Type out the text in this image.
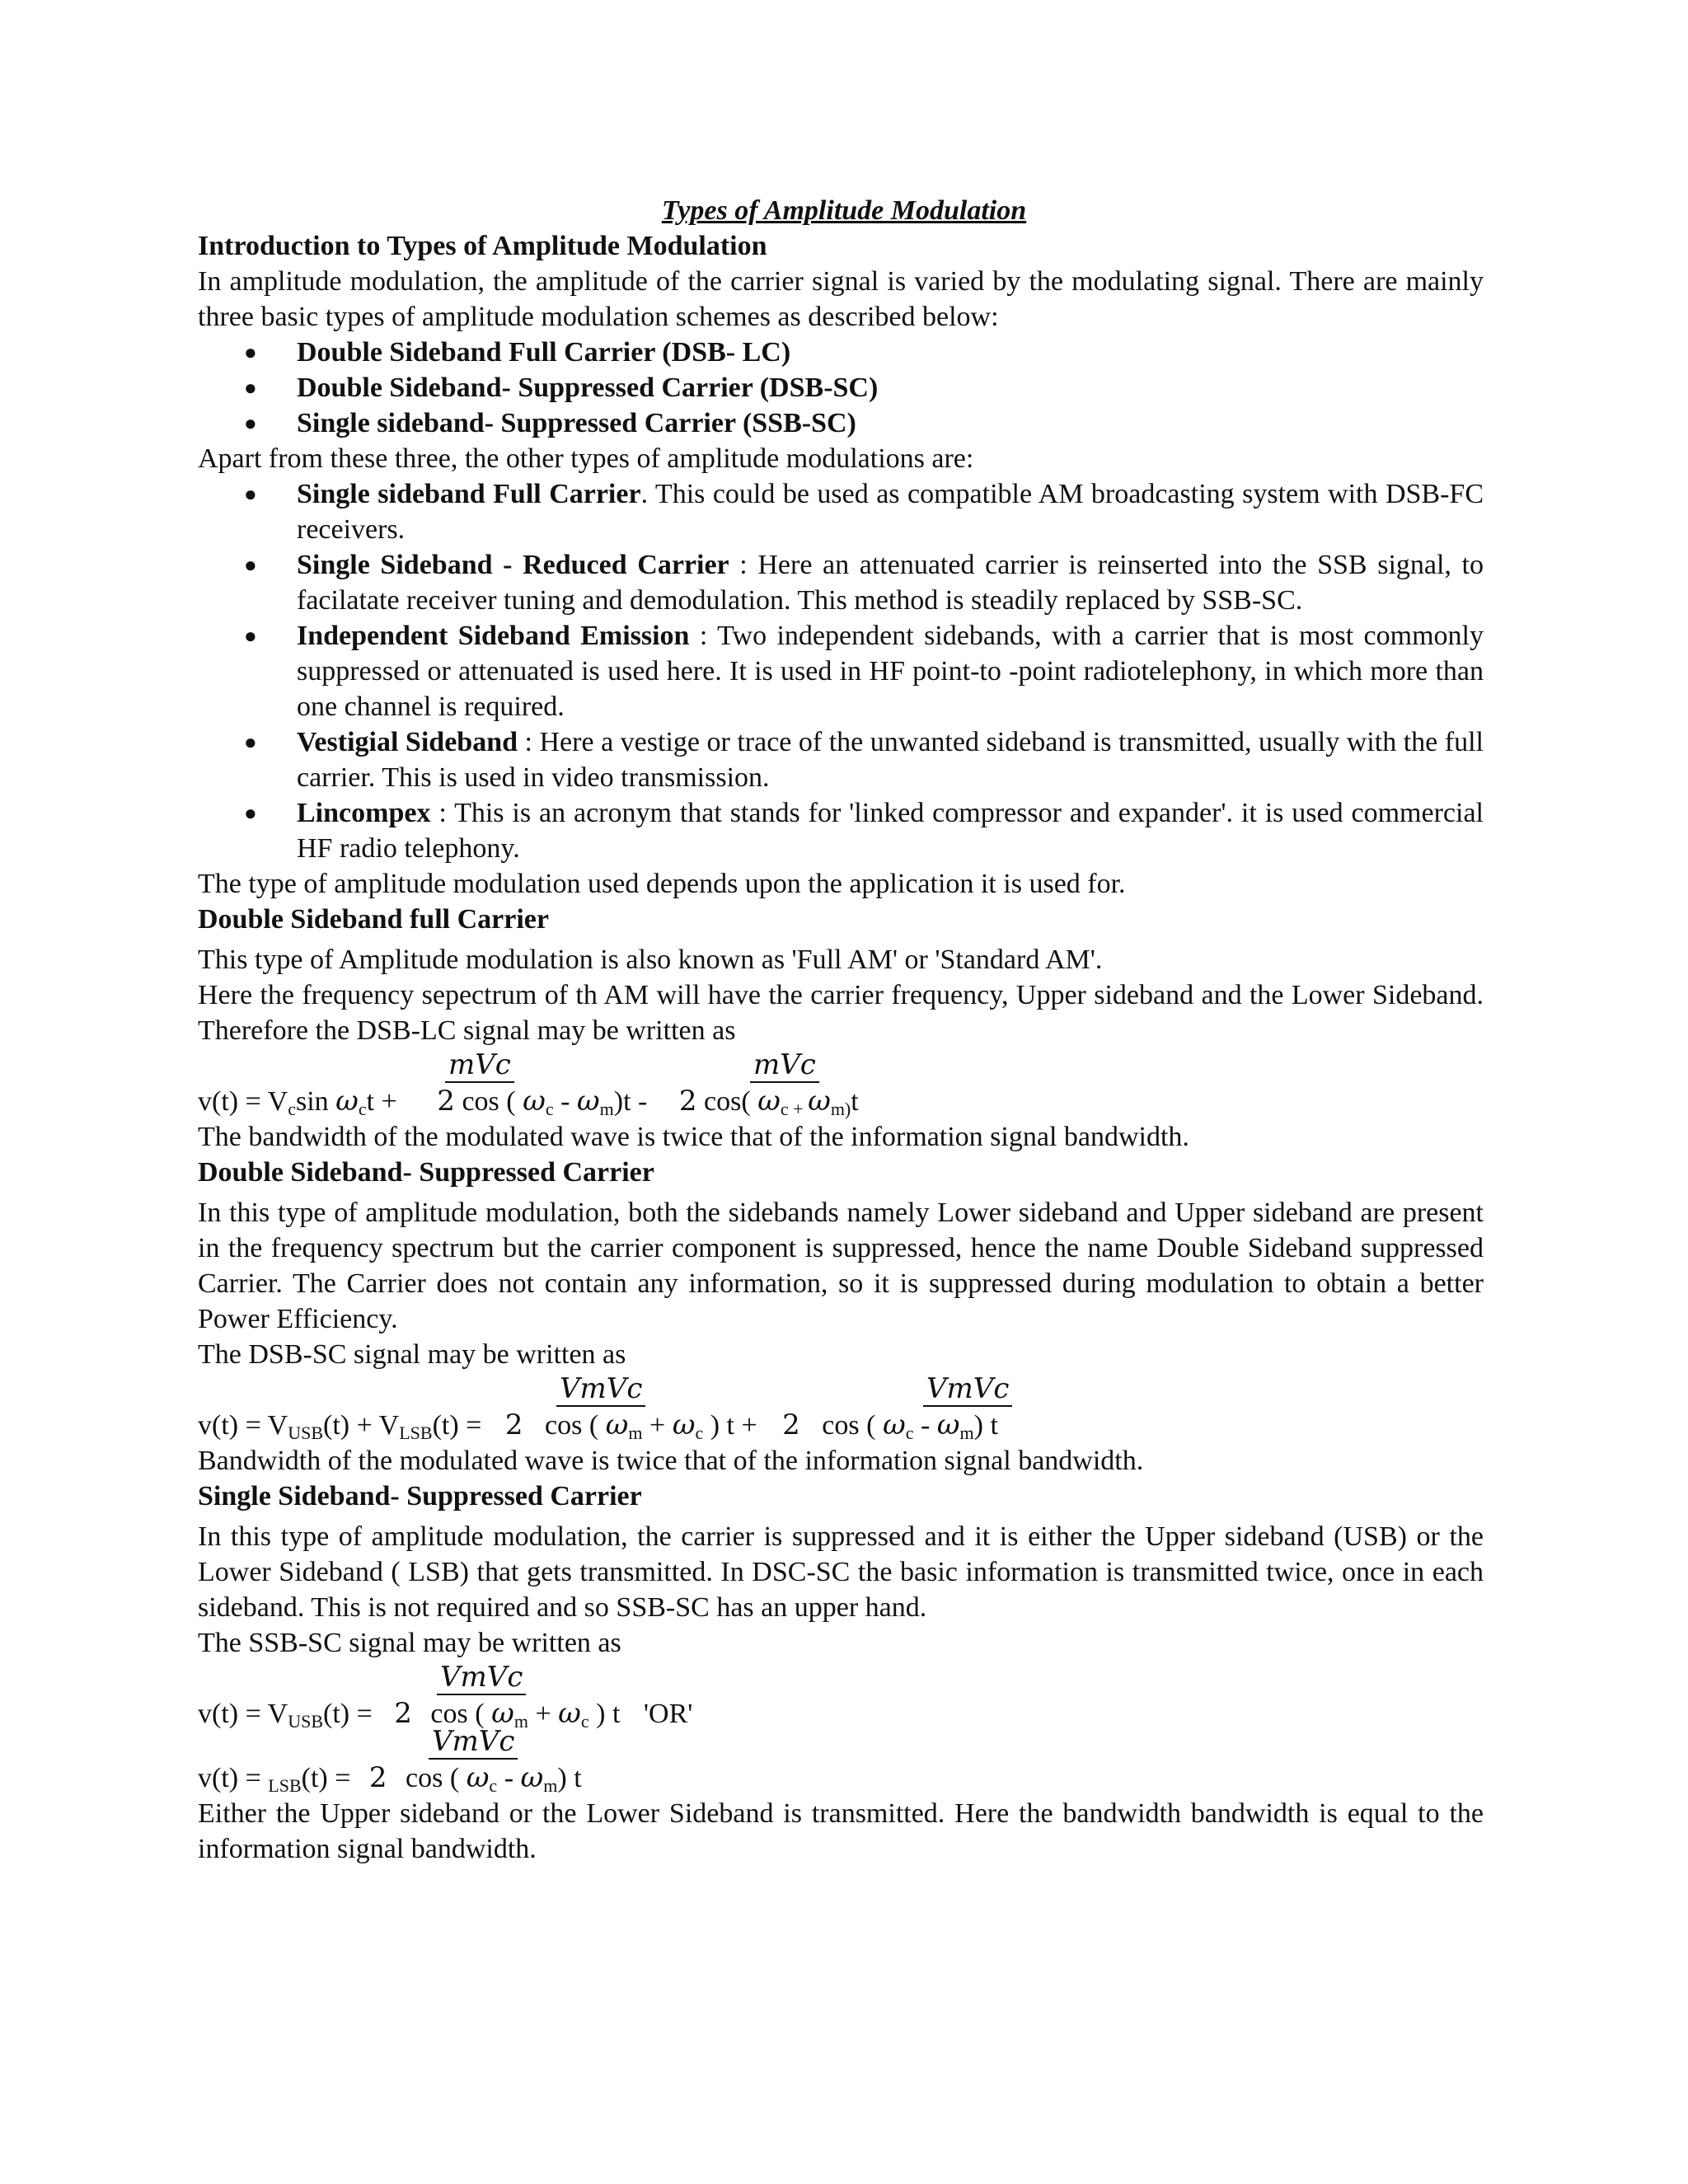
Types of Amplitude Modulation
Introduction to Types of Amplitude Modulation
In amplitude modulation, the amplitude of the carrier signal is varied by the modulating signal. There are mainly three basic types of amplitude modulation schemes as described below:
● Double Sideband Full Carrier (DSB- LC)
● Double Sideband- Suppressed Carrier (DSB-SC)
● Single sideband- Suppressed Carrier (SSB-SC)
Apart from these three, the other types of amplitude modulations are:
● Single sideband Full Carrier. This could be used as compatible AM broadcasting system with DSB-FC receivers.
● Single Sideband - Reduced Carrier : Here an attenuated carrier is reinserted into the SSB signal, to facilatate receiver tuning and demodulation. This method is steadily replaced by SSB-SC.
● Independent Sideband Emission : Two independent sidebands, with a carrier that is most commonly suppressed or attenuated is used here. It is used in HF point-to -point radiotelephony, in which more than one channel is required.
● Vestigial Sideband : Here a vestige or trace of the unwanted sideband is transmitted, usually with the full carrier. This is used in video transmission.
● Lincompex : This is an acronym that stands for 'linked compressor and expander'. it is used commercial HF radio telephony.
The type of amplitude modulation used depends upon the application it is used for.
Double Sideband full Carrier
This type of Amplitude modulation is also known as 'Full AM' or 'Standard AM'.
Here the frequency sepectrum of th AM will have the carrier frequency, Upper sideband and the Lower Sideband. Therefore the DSB-LC signal may be written as
mVc	mVc
$v(t) = V_c\sin$ $\omega_ct + 2$ cos ( $\omega_c - \omega_m)t - 2$ cos( $\omega_{c +}$ $\omega_{m)}t$
The bandwidth of the modulated wave is twice that of the information signal bandwidth.
Double Sideband- Suppressed Carrier
In this type of amplitude modulation, both the sidebands namely Lower sideband and Upper sideband are present in the frequency spectrum but the carrier component is suppressed, hence the name Double Sideband suppressed Carrier. The Carrier does not contain any information, so it is suppressed during modulation to obtain a better Power Efficiency.
The DSB-SC signal may be written as
VmVc	VmVc
$v(t) = V_{USB}(t) + V_{LSB}(t) = 2$ cos ( $\omega_m + \omega_c$ ) t + 2 cos ( $\omega_c - \omega_m$) t
Bandwidth of the modulated wave is twice that of the information signal bandwidth.
Single Sideband- Suppressed Carrier
In this type of amplitude modulation, the carrier is suppressed and it is either the Upper sideband (USB) or the Lower Sideband ( LSB) that gets transmitted. In DSC-SC the basic information is transmitted twice, once in each sideband. This is not required and so SSB-SC has an upper hand.
The SSB-SC signal may be written as
VmVc
$v(t) = V_{USB}(t) = 2$ cos ( $\omega_m + \omega_c$ ) t 'OR'
VmVc
v(t) = $_{LSB}$(t) = 2 cos ( $\omega_c - \omega_m$) t
Either the Upper sideband or the Lower Sideband is transmitted. Here the bandwidth bandwidth is equal to the information signal bandwidth.
